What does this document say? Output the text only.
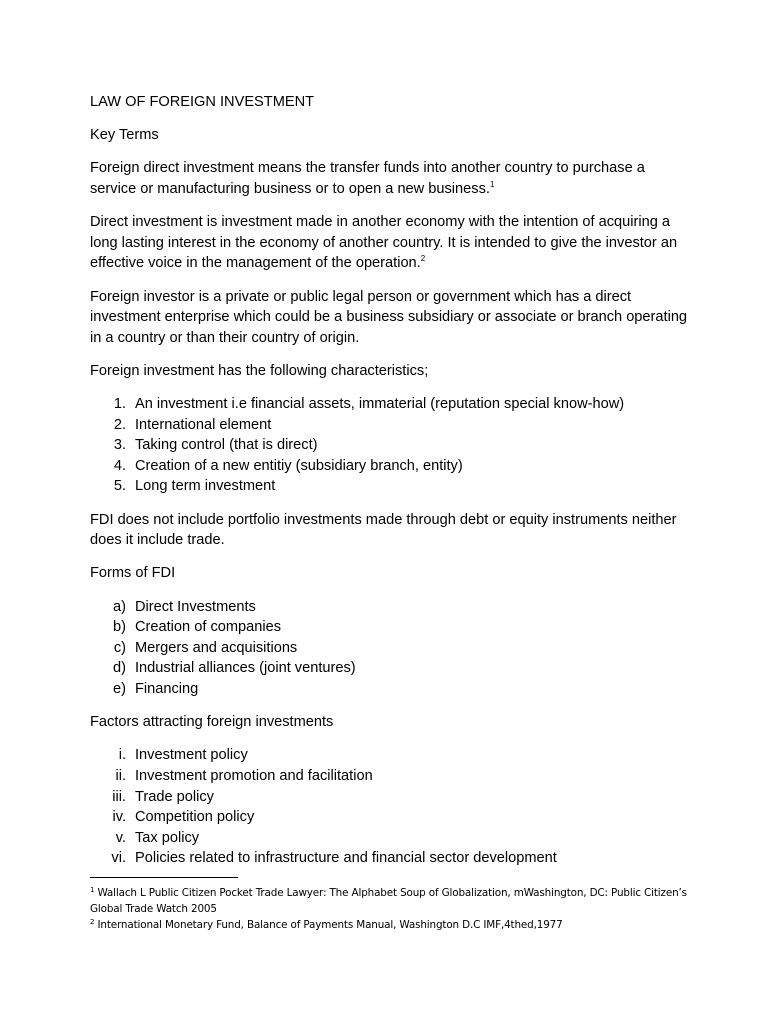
LAW OF FOREIGN INVESTMENT

Key Terms

Foreign direct investment means the transfer funds into another country to purchase a service or manufacturing business or to open a new business.$^1$

Direct investment is investment made in another economy with the intention of acquiring a long lasting interest in the economy of another country. It is intended to give the investor an effective voice in the management of the operation.$^2$

Foreign investor is a private or public legal person or government which has a direct investment enterprise which could be a business subsidiary or associate or branch operating in a country or than their country of origin.

Foreign investment has the following characteristics;

1. An investment i.e financial assets, immaterial (reputation special know-how)
2. International element
3. Taking control (that is direct)
4. Creation of a new entitiy (subsidiary branch, entity)
5. Long term investment

FDI does not include portfolio investments made through debt or equity instruments neither does it include trade.

Forms of FDI

a) Direct Investments
b) Creation of companies
c) Mergers and acquisitions
d) Industrial alliances (joint ventures)
e) Financing

Factors attracting foreign investments

i. Investment policy
ii. Investment promotion and facilitation
iii. Trade policy
iv. Competition policy
v. Tax policy
vi. Policies related to infrastructure and financial sector development

$^1$ Wallach L Public Citizen Pocket Trade Lawyer: The Alphabet Soup of Globalization, mWashington, DC: Public Citizen’s Global Trade Watch 2005

$^2$ International Monetary Fund, Balance of Payments Manual, Washington D.C IMF,4thed,1977
